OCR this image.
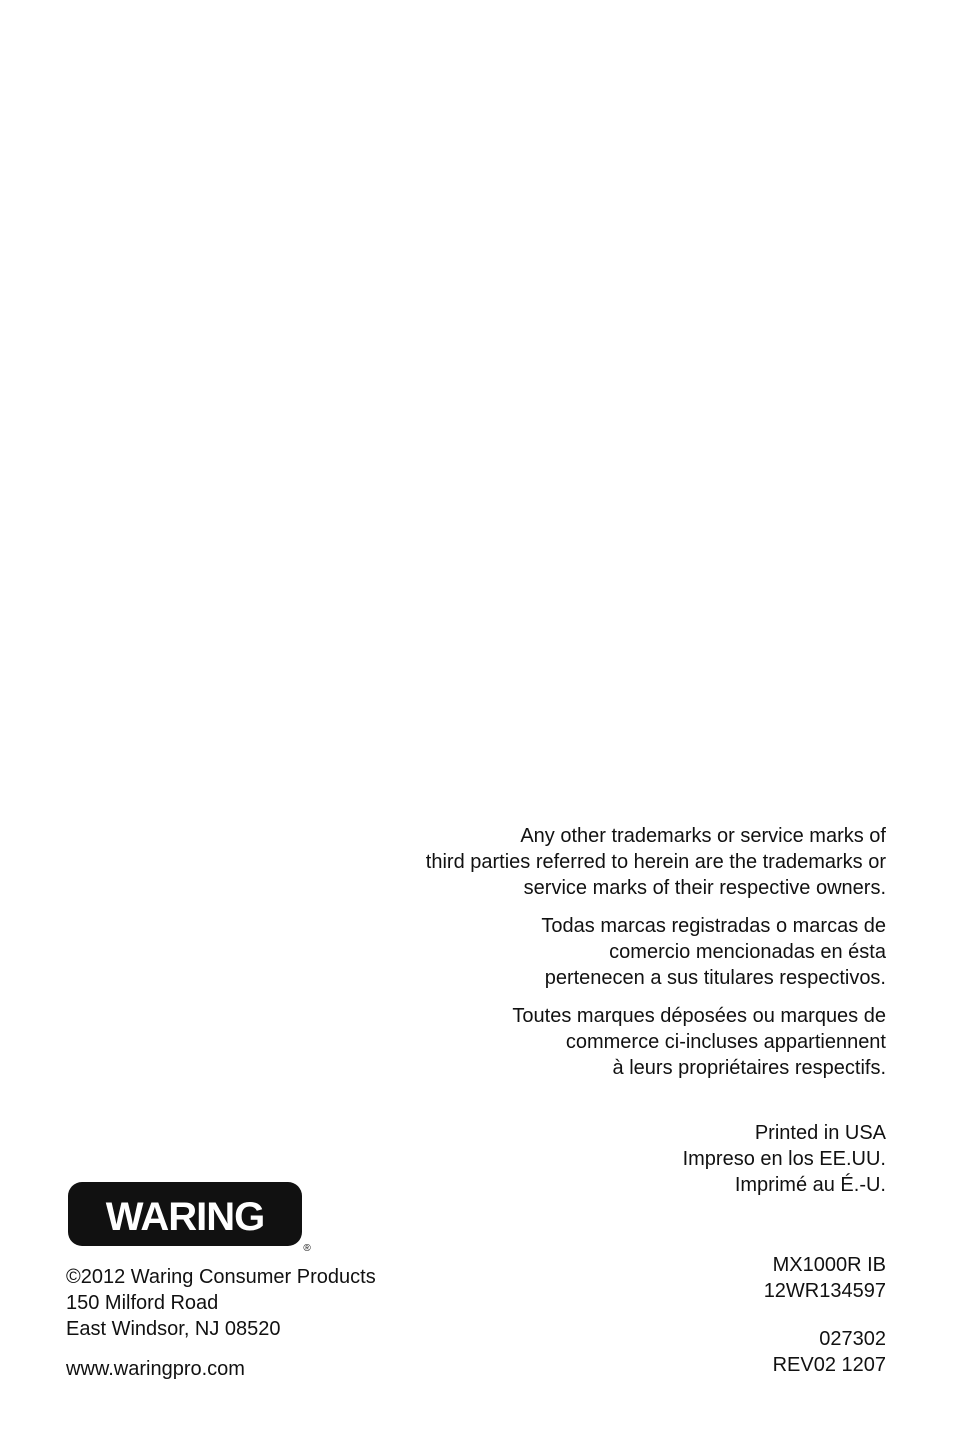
Any other trademarks or service marks of
third parties referred to herein are the trademarks or
service marks of their respective owners.
Todas marcas registradas o marcas de
comercio mencionadas en ésta
pertenecen a sus titulares respectivos.
Toutes marques déposées ou marques de
commerce ci-incluses appartiennent
à leurs propriétaires respectifs.
Printed in USA
Impreso en los EE.UU.
Imprimé au É.-U.
MX1000R IB
12WR134597
027302
REV02 1207
WARING
®
©2012 Waring Consumer Products
150 Milford Road
East Windsor, NJ 08520
www.waringpro.com
